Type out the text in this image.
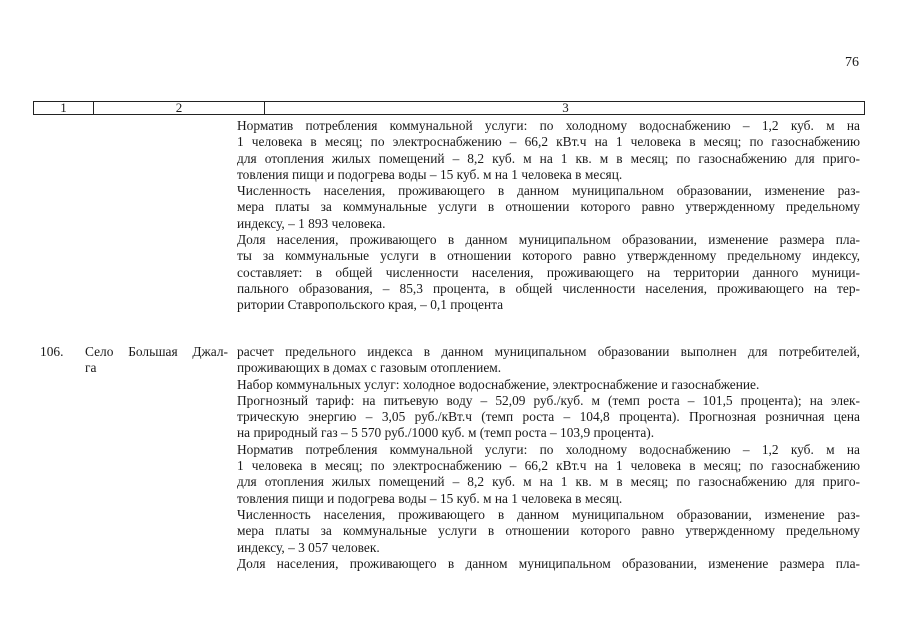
76
1	2	3
Норматив потребления коммунальной услуги: по холодному водоснабжению – 1,2 куб. м на
1 человека в месяц; по электроснабжению – 66,2 кВт.ч на 1 человека в месяц; по газоснабжению
для отопления жилых помещений – 8,2 куб. м на 1 кв. м в месяц; по газоснабжению для приго-
товления пищи и подогрева воды – 15 куб. м на 1 человека в месяц.
Численность населения, проживающего в данном муниципальном образовании, изменение раз-
мера платы за коммунальные услуги в отношении которого равно утвержденному предельному
индексу, – 1 893 человека.
Доля населения, проживающего в данном муниципальном образовании, изменение размера пла-
ты за коммунальные услуги в отношении которого равно утвержденному предельному индексу,
составляет: в общей численности населения, проживающего на территории данного муници-
пального образования, – 85,3 процента, в общей численности населения, проживающего на тер-
ритории Ставропольского края, – 0,1 процента
106. Село Большая Джал-
га
расчет предельного индекса в данном муниципальном образовании выполнен для потребителей,
проживающих в домах с газовым отоплением.
Набор коммунальных услуг: холодное водоснабжение, электроснабжение и газоснабжение.
Прогнозный тариф: на питьевую воду – 52,09 руб./куб. м (темп роста – 101,5 процента); на элек-
трическую энергию – 3,05 руб./кВт.ч (темп роста – 104,8 процента). Прогнозная розничная цена
на природный газ – 5 570 руб./1000 куб. м (темп роста – 103,9 процента).
Норматив потребления коммунальной услуги: по холодному водоснабжению – 1,2 куб. м на
1 человека в месяц; по электроснабжению – 66,2 кВт.ч на 1 человека в месяц; по газоснабжению
для отопления жилых помещений – 8,2 куб. м на 1 кв. м в месяц; по газоснабжению для приго-
товления пищи и подогрева воды – 15 куб. м на 1 человека в месяц.
Численность населения, проживающего в данном муниципальном образовании, изменение раз-
мера платы за коммунальные услуги в отношении которого равно утвержденному предельному
индексу, – 3 057 человек.
Доля населения, проживающего в данном муниципальном образовании, изменение размера пла-
